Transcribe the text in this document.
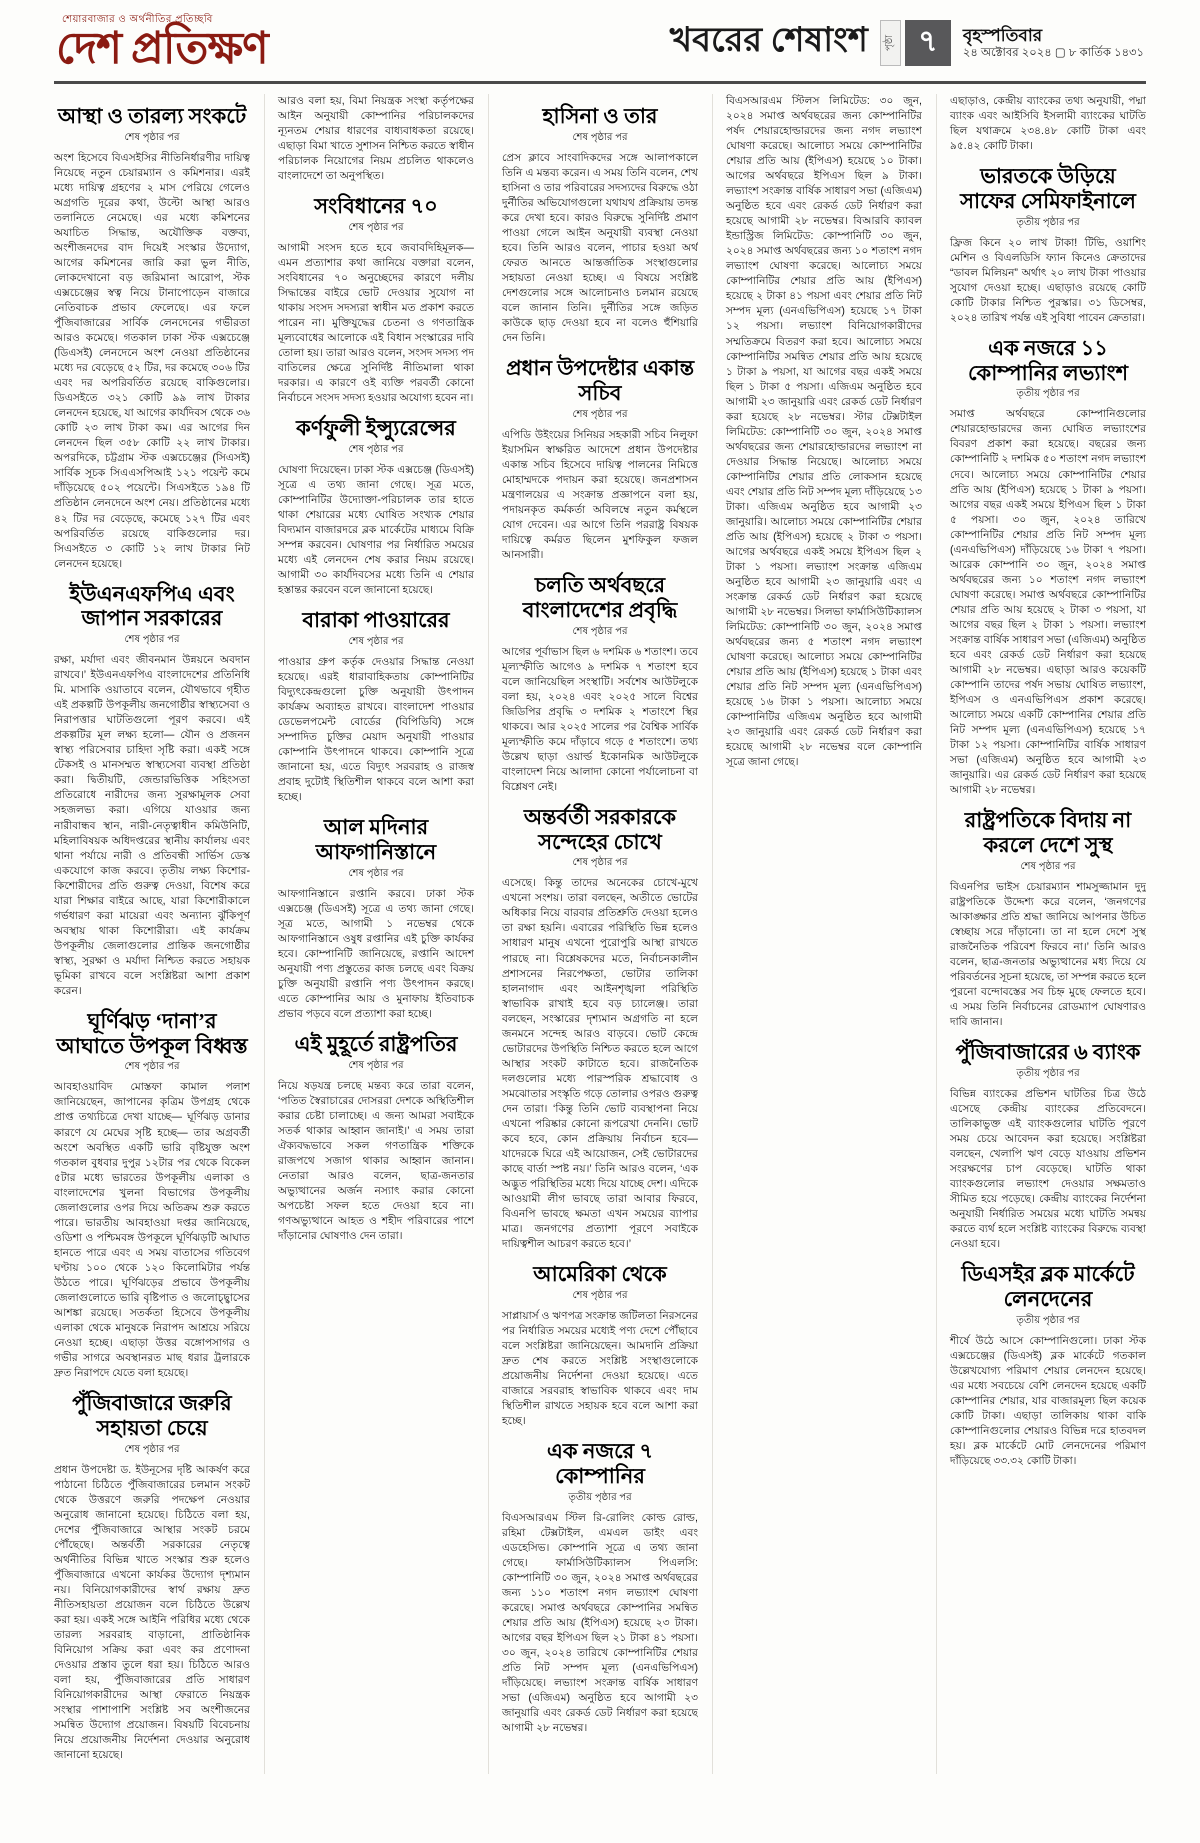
শেয়ারবাজার ও অর্থনীতির প্রতিচ্ছবি
দেশ প্রতিক্ষণ	খবরের শেষাংশ	পৃষ্ঠা ৭	বৃহস্পতিবার
২৪ অক্টোবর ২০২৪ ▢ ৮ কার্তিক ১৪৩১
আস্থা ও তারল্য সংকটে
শেষ পৃষ্ঠার পর
অংশ হিসেবে বিএসইসির নীতিনির্ধারণীর দায়িত্ব নিয়েছে নতুন চেয়ারম্যান ও কমিশনার। এরই মধ্যে দায়িত্ব গ্রহণের ২ মাস পেরিয়ে গেলেও অগ্রগতি দূরের কথা, উল্টো আস্থা আরও তলানিতে নেমেছে। এর মধ্যে কমিশনের অযাচিত সিদ্ধান্ত, অযৌক্তিক বক্তব্য, অংশীজনদের বাদ দিয়েই সংস্কার উদ্যোগ, আগের কমিশনের জারি করা ভুল নীতি, লোকদেখানো বড় জরিমানা আরোপ, স্টক এক্সচেঞ্জের স্বত্ব নিয়ে টানাপোড়েন বাজারে নেতিবাচক প্রভাব ফেলেছে। এর ফলে পুঁজিবাজারের সার্বিক লেনদেনের গভীরতা আরও কমেছে। গতকাল ঢাকা স্টক এক্সচেঞ্জে (ডিএসই) লেনদেনে অংশ নেওয়া প্রতিষ্ঠানের মধ্যে দর বেড়েছে ৫২ টির, দর কমেছে ৩০৬ টির এবং দর অপরিবর্তিত রয়েছে বাকিগুলোর। ডিএসইতে ৩২১ কোটি ৯৯ লাখ টাকার লেনদেন হয়েছে, যা আগের কার্যদিবস থেকে ৩৬ কোটি ২৩ লাখ টাকা কম। এর আগের দিন লেনদেন ছিল ৩৫৮ কোটি ২২ লাখ টাকার। অপরদিকে, চট্টগ্রাম স্টক এক্সচেঞ্জের (সিএসই) সার্বিক সূচক সিএএসপিআই ১২১ পয়েন্ট কমে দাঁড়িয়েছে ৫০২ পয়েন্টে। সিএসইতে ১৯৪ টি প্রতিষ্ঠান লেনদেনে অংশ নেয়। প্রতিষ্ঠানের মধ্যে ৪২ টির দর বেড়েছে, কমেছে ১২৭ টির এবং অপরিবর্তিত রয়েছে বাকিগুলোর দর। সিএসইতে ৩ কোটি ১২ লাখ টাকার নিট লেনদেন হয়েছে।
ইউএনএফপিএ এবং জাপান সরকারের
শেষ পৃষ্ঠার পর
রক্ষা, মর্যাদা এবং জীবনমান উন্নয়নে অবদান রাখবে।’ ইউএনএফপিএ বাংলাদেশের প্রতিনিধি মি. মাসাকি ওয়াতাবে বলেন, যৌথভাবে গৃহীত এই প্রকল্পটি উপকূলীয় জনগোষ্ঠীর স্বাস্থ্যসেবা ও নিরাপত্তার ঘাটতিগুলো পূরণ করবে। এই প্রকল্পটির মূল লক্ষ্য হলো— যৌন ও প্রজনন স্বাস্থ্য পরিসেবার চাহিদা সৃষ্টি করা। একই সঙ্গে টেকসই ও মানসম্মত স্বাস্থ্যসেবা ব্যবস্থা প্রতিষ্ঠা করা। দ্বিতীয়টি, জেন্ডারভিত্তিক সহিংসতা প্রতিরোধে নারীদের জন্য সুরক্ষামূলক সেবা সহজলভ্য করা। এগিয়ে যাওয়ার জন্য নারীবান্ধব স্থান, নারী-নেতৃত্বাধীন কমিউনিটি, মহিলাবিষয়ক অধিদপ্তরের স্থানীয় কার্যালয় এবং থানা পর্যায়ে নারী ও প্রতিবন্ধী সার্ভিস ডেস্ক একযোগে কাজ করবে। তৃতীয় লক্ষ্য কিশোর-কিশোরীদের প্রতি গুরুত্ব দেওয়া, বিশেষ করে যারা শিক্ষার বাইরে আছে, যারা কিশোরীকালে গর্ভধারণ করা মায়েরা এবং অন্যান্য ঝুঁকিপূর্ণ অবস্থায় থাকা কিশোরীরা। এই কার্যক্রম উপকূলীয় জেলাগুলোর প্রান্তিক জনগোষ্ঠীর স্বাস্থ্য, সুরক্ষা ও মর্যাদা নিশ্চিত করতে সহায়ক ভূমিকা রাখবে বলে সংশ্লিষ্টরা আশা প্রকাশ করেন।
ঘূর্ণিঝড় ‘দানা’র আঘাতে উপকূল বিধ্বস্ত
শেষ পৃষ্ঠার পর
আবহাওয়াবিদ মোস্তফা কামাল পলাশ জানিয়েছেন, জাপানের কৃত্রিম উপগ্রহ থেকে প্রাপ্ত তথ্যচিত্রে দেখা যাচ্ছে— ঘূর্ণিঝড় ডানার কারণে যে মেঘের সৃষ্টি হচ্ছে— তার অগ্রবর্তী অংশে অবস্থিত একটি ভারি বৃষ্টিযুক্ত অংশ গতকাল বুধবার দুপুর ১২টার পর থেকে বিকেল ৫টার মধ্যে ভারতের উপকূলীয় এলাকা ও বাংলাদেশের খুলনা বিভাগের উপকূলীয় জেলাগুলোর ওপর দিয়ে অতিক্রম শুরু করতে পারে। ভারতীয় আবহাওয়া দপ্তর জানিয়েছে, ওডিশা ও পশ্চিমবঙ্গ উপকূলে ঘূর্ণিঝড়টি আঘাত হানতে পারে এবং এ সময় বাতাসের গতিবেগ ঘণ্টায় ১০০ থেকে ১২০ কিলোমিটার পর্যন্ত উঠতে পারে। ঘূর্ণিঝড়ের প্রভাবে উপকূলীয় জেলাগুলোতে ভারি বৃষ্টিপাত ও জলোচ্ছ্বাসের আশঙ্কা রয়েছে। সতর্কতা হিসেবে উপকূলীয় এলাকা থেকে মানুষকে নিরাপদ আশ্রয়ে সরিয়ে নেওয়া হচ্ছে। এছাড়া উত্তর বঙ্গোপসাগর ও গভীর সাগরে অবস্থানরত মাছ ধরার ট্রলারকে দ্রুত নিরাপদে যেতে বলা হয়েছে।
পুঁজিবাজারে জরুরি সহায়তা চেয়ে
শেষ পৃষ্ঠার পর
প্রধান উপদেষ্টা ড. ইউনূসের দৃষ্টি আকর্ষণ করে পাঠানো চিঠিতে পুঁজিবাজারের চলমান সংকট থেকে উত্তরণে জরুরি পদক্ষেপ নেওয়ার অনুরোধ জানানো হয়েছে। চিঠিতে বলা হয়, দেশের পুঁজিবাজারে আস্থার সংকট চরমে পৌঁছেছে। অন্তর্বর্তী সরকারের নেতৃত্বে অর্থনীতির বিভিন্ন খাতে সংস্কার শুরু হলেও পুঁজিবাজারে এখনো কার্যকর উদ্যোগ দৃশ্যমান নয়। বিনিয়োগকারীদের স্বার্থ রক্ষায় দ্রুত নীতিসহায়তা প্রয়োজন বলে চিঠিতে উল্লেখ করা হয়। একই সঙ্গে আইনি পরিধির মধ্যে থেকে তারল্য সরবরাহ বাড়ানো, প্রাতিষ্ঠানিক বিনিয়োগ সক্রিয় করা এবং কর প্রণোদনা দেওয়ার প্রস্তাব তুলে ধরা হয়। চিঠিতে আরও বলা হয়, পুঁজিবাজারের প্রতি সাধারণ বিনিয়োগকারীদের আস্থা ফেরাতে নিয়ন্ত্রক সংস্থার পাশাপাশি সংশ্লিষ্ট সব অংশীজনের সমন্বিত উদ্যোগ প্রয়োজন। বিষয়টি বিবেচনায় নিয়ে প্রয়োজনীয় নির্দেশনা দেওয়ার অনুরোধ জানানো হয়েছে।
আরও বলা হয়, বিমা নিয়ন্ত্রক সংস্থা কর্তৃপক্ষের আইন অনুযায়ী কোম্পানির পরিচালকদের ন্যূনতম শেয়ার ধারণের বাধ্যবাধকতা রয়েছে। এছাড়া বিমা খাতে সুশাসন নিশ্চিত করতে স্বাধীন পরিচালক নিয়োগের নিয়ম প্রচলিত থাকলেও বাংলাদেশে তা অনুপস্থিত।
সংবিধানের ৭০
শেষ পৃষ্ঠার পর
আগামী সংসদ হতে হবে জবাবদিহিমূলক— এমন প্রত্যাশার কথা জানিয়ে বক্তারা বলেন, সংবিধানের ৭০ অনুচ্ছেদের কারণে দলীয় সিদ্ধান্তের বাইরে ভোট দেওয়ার সুযোগ না থাকায় সংসদ সদস্যরা স্বাধীন মত প্রকাশ করতে পারেন না। মুক্তিযুদ্ধের চেতনা ও গণতান্ত্রিক মূল্যবোধের আলোকে এই বিধান সংস্কারের দাবি তোলা হয়। তারা আরও বলেন, সংসদ সদস্য পদ বাতিলের ক্ষেত্রে সুনির্দিষ্ট নীতিমালা থাকা দরকার। এ কারণে ওই ব্যক্তি পরবর্তী কোনো নির্বাচনে সংসদ সদস্য হওয়ার অযোগ্য হবেন না।
কর্ণফুলী ইন্স্যুরেন্সের
শেষ পৃষ্ঠার পর
ঘোষণা দিয়েছেন। ঢাকা স্টক এক্সচেঞ্জ (ডিএসই) সূত্রে এ তথ্য জানা গেছে। সূত্র মতে, কোম্পানিটির উদ্যোক্তা-পরিচালক তার হাতে থাকা শেয়ারের মধ্যে ঘোষিত সংখ্যক শেয়ার বিদ্যমান বাজারদরে ব্লক মার্কেটের মাধ্যমে বিক্রি সম্পন্ন করবেন। ঘোষণার পর নির্ধারিত সময়ের মধ্যে এই লেনদেন শেষ করার নিয়ম রয়েছে। আগামী ৩০ কার্যদিবসের মধ্যে তিনি এ শেয়ার হস্তান্তর করবেন বলে জানানো হয়েছে।
বারাকা পাওয়ারের
শেষ পৃষ্ঠার পর
পাওয়ার গ্রুপ কর্তৃক দেওয়ার সিদ্ধান্ত নেওয়া হয়েছে। এরই ধারাবাহিকতায় কোম্পানিটির বিদ্যুৎকেন্দ্রগুলো চুক্তি অনুযায়ী উৎপাদন কার্যক্রম অব্যাহত রাখবে। বাংলাদেশ পাওয়ার ডেভেলপমেন্ট বোর্ডের (বিপিডিবি) সঙ্গে সম্পাদিত চুক্তির মেয়াদ অনুযায়ী পাওয়ার কোম্পানি উৎপাদনে থাকবে। কোম্পানি সূত্রে জানানো হয়, এতে বিদ্যুৎ সরবরাহ ও রাজস্ব প্রবাহ দুটোই স্থিতিশীল থাকবে বলে আশা করা হচ্ছে।
আল মদিনার আফগানিস্তানে
শেষ পৃষ্ঠার পর
আফগানিস্তানে রপ্তানি করবে। ঢাকা স্টক এক্সচেঞ্জ (ডিএসই) সূত্রে এ তথ্য জানা গেছে। সূত্র মতে, আগামী ১ নভেম্বর থেকে আফগানিস্তানে ওষুধ রপ্তানির এই চুক্তি কার্যকর হবে। কোম্পানিটি জানিয়েছে, রপ্তানি আদেশ অনুযায়ী পণ্য প্রস্তুতের কাজ চলছে এবং বিক্রয় চুক্তি অনুযায়ী রপ্তানি পণ্য উৎপাদন করছে। এতে কোম্পানির আয় ও মুনাফায় ইতিবাচক প্রভাব পড়বে বলে প্রত্যাশা করা হচ্ছে।
এই মুহূর্তে রাষ্ট্রপতির
শেষ পৃষ্ঠার পর
নিয়ে ষড়যন্ত্র চলছে মন্তব্য করে তারা বলেন, ‘পতিত স্বৈরাচারের দোসররা দেশকে অস্থিতিশীল করার চেষ্টা চালাচ্ছে। এ জন্য আমরা সবাইকে সতর্ক থাকার আহ্বান জানাই।’ এ সময় তারা ঐক্যবদ্ধভাবে সকল গণতান্ত্রিক শক্তিকে রাজপথে সজাগ থাকার আহ্বান জানান। নেতারা আরও বলেন, ছাত্র-জনতার অভ্যুত্থানের অর্জন নস্যাৎ করার কোনো অপচেষ্টা সফল হতে দেওয়া হবে না। গণঅভ্যুত্থানে আহত ও শহীদ পরিবারের পাশে দাঁড়ানোর ঘোষণাও দেন তারা।
হাসিনা ও তার
শেষ পৃষ্ঠার পর
প্রেস ক্লাবে সাংবাদিকদের সঙ্গে আলাপকালে তিনি এ মন্তব্য করেন। এ সময় তিনি বলেন, শেখ হাসিনা ও তার পরিবারের সদস্যদের বিরুদ্ধে ওঠা দুর্নীতির অভিযোগগুলো যথাযথ প্রক্রিয়ায় তদন্ত করে দেখা হবে। কারও বিরুদ্ধে সুনির্দিষ্ট প্রমাণ পাওয়া গেলে আইন অনুযায়ী ব্যবস্থা নেওয়া হবে। তিনি আরও বলেন, পাচার হওয়া অর্থ ফেরত আনতে আন্তর্জাতিক সংস্থাগুলোর সহায়তা নেওয়া হচ্ছে। এ বিষয়ে সংশ্লিষ্ট দেশগুলোর সঙ্গে আলোচনাও চলমান রয়েছে বলে জানান তিনি। দুর্নীতির সঙ্গে জড়িত কাউকে ছাড় দেওয়া হবে না বলেও হুঁশিয়ারি দেন তিনি।
প্রধান উপদেষ্টার একান্ত সচিব
শেষ পৃষ্ঠার পর
এপিডি উইংয়ের সিনিয়র সহকারী সচিব নিলুফা ইয়াসমিন স্বাক্ষরিত আদেশে প্রধান উপদেষ্টার একান্ত সচিব হিসেবে দায়িত্ব পালনের নিমিত্তে মোহাম্মদকে পদায়ন করা হয়েছে। জনপ্রশাসন মন্ত্রণালয়ের এ সংক্রান্ত প্রজ্ঞাপনে বলা হয়, পদায়নকৃত কর্মকর্তা অবিলম্বে নতুন কর্মস্থলে যোগ দেবেন। এর আগে তিনি পররাষ্ট্র বিষয়ক দায়িত্বে কর্মরত ছিলেন মুশফিকুল ফজল আনসারী।
চলতি অর্থবছরে বাংলাদেশের প্রবৃদ্ধি
শেষ পৃষ্ঠার পর
আগের পূর্বাভাস ছিল ৬ দশমিক ৬ শতাংশ। তবে মূল্যস্ফীতি আগেও ৯ দশমিক ৭ শতাংশ হবে বলে জানিয়েছিল সংস্থাটি। সর্বশেষ আউটলুকে বলা হয়, ২০২৪ এবং ২০২৫ সালে বিশ্বের জিডিপির প্রবৃদ্ধি ৩ দশমিক ২ শতাংশে স্থির থাকবে। আর ২০২৫ সালের পর বৈশ্বিক সার্বিক মূল্যস্ফীতি কমে দাঁড়াবে গড়ে ৫ শতাংশে। তথ্য উল্লেখ ছাড়া ওয়ার্ল্ড ইকোনমিক আউটলুকে বাংলাদেশ নিয়ে আলাদা কোনো পর্যালোচনা বা বিশ্লেষণ নেই।
অন্তর্বর্তী সরকারকে সন্দেহের চোখে
শেষ পৃষ্ঠার পর
এসেছে। কিন্তু তাদের অনেকের চোখে-মুখে এখনো সংশয়। তারা বলছেন, অতীতে ভোটের অধিকার নিয়ে বারবার প্রতিশ্রুতি দেওয়া হলেও তা রক্ষা হয়নি। এবারের পরিস্থিতি ভিন্ন হলেও সাধারণ মানুষ এখনো পুরোপুরি আস্থা রাখতে পারছে না। বিশ্লেষকদের মতে, নির্বাচনকালীন প্রশাসনের নিরপেক্ষতা, ভোটার তালিকা হালনাগাদ এবং আইনশৃঙ্খলা পরিস্থিতি স্বাভাবিক রাখাই হবে বড় চ্যালেঞ্জ। তারা বলছেন, সংস্কারের দৃশ্যমান অগ্রগতি না হলে জনমনে সন্দেহ আরও বাড়বে। ভোট কেন্দ্রে ভোটারদের উপস্থিতি নিশ্চিত করতে হলে আগে আস্থার সংকট কাটাতে হবে। রাজনৈতিক দলগুলোর মধ্যে পারস্পরিক শ্রদ্ধাবোধ ও সমঝোতার সংস্কৃতি গড়ে তোলার ওপরও গুরুত্ব দেন তারা। ‘কিন্তু তিনি ভোট ব্যবস্থাপনা নিয়ে এখনো পরিষ্কার কোনো রূপরেখা দেননি। ভোট কবে হবে, কোন প্রক্রিয়ায় নির্বাচন হবে— যাদেরকে ঘিরে এই আয়োজন, সেই ভোটারদের কাছে বার্তা স্পষ্ট নয়।’ তিনি আরও বলেন, ‘এক অদ্ভুত পরিস্থিতির মধ্যে দিয়ে যাচ্ছে দেশ। এদিকে আওয়ামী লীগ ভাবছে তারা আবার ফিরবে, বিএনপি ভাবছে ক্ষমতা এখন সময়ের ব্যাপার মাত্র। জনগণের প্রত্যাশা পূরণে সবাইকে দায়িত্বশীল আচরণ করতে হবে।’
আমেরিকা থেকে
শেষ পৃষ্ঠার পর
সাপ্লায়ার্স ও ঋণপত্র সংক্রান্ত জটিলতা নিরসনের পর নির্ধারিত সময়ের মধ্যেই পণ্য দেশে পৌঁছাবে বলে সংশ্লিষ্টরা জানিয়েছেন। আমদানি প্রক্রিয়া দ্রুত শেষ করতে সংশ্লিষ্ট সংস্থাগুলোকে প্রয়োজনীয় নির্দেশনা দেওয়া হয়েছে। এতে বাজারে সরবরাহ স্বাভাবিক থাকবে এবং দাম স্থিতিশীল রাখতে সহায়ক হবে বলে আশা করা হচ্ছে।
এক নজরে ৭ কোম্পানির
তৃতীয় পৃষ্ঠার পর
বিএসআরএম স্টিল রি-রোলিং কোল্ড রোল্ড, রহিমা টেক্সটাইল, এমএল ডাইং এবং এডহেসিভ। কোম্পানি সূত্রে এ তথ্য জানা গেছে। ফার্মাসিউটিক্যালস পিএলসি: কোম্পানিটি ৩০ জুন, ২০২৪ সমাপ্ত অর্থবছরের জন্য ১১০ শতাংশ নগদ লভ্যাংশ ঘোষণা করেছে। সমাপ্ত অর্থবছরে কোম্পানির সমন্বিত শেয়ার প্রতি আয় (ইপিএস) হয়েছে ২৩ টাকা। আগের বছর ইপিএস ছিল ২১ টাকা ৪১ পয়সা। ৩০ জুন, ২০২৪ তারিখে কোম্পানিটির শেয়ার প্রতি নিট সম্পদ মূল্য (এনএভিপিএস) দাঁড়িয়েছে। লভ্যাংশ সংক্রান্ত বার্ষিক সাধারণ সভা (এজিএম) অনুষ্ঠিত হবে আগামী ২৩ জানুয়ারি এবং রেকর্ড ডেট নির্ধারণ করা হয়েছে আগামী ২৮ নভেম্বর।
বিএসআরএম স্টিলস লিমিটেড: ৩০ জুন, ২০২৪ সমাপ্ত অর্থবছরের জন্য কোম্পানিটির পর্ষদ শেয়ারহোল্ডারদের জন্য নগদ লভ্যাংশ ঘোষণা করেছে। আলোচ্য সময়ে কোম্পানিটির শেয়ার প্রতি আয় (ইপিএস) হয়েছে ১০ টাকা। আগের অর্থবছরে ইপিএস ছিল ৯ টাকা। লভ্যাংশ সংক্রান্ত বার্ষিক সাধারণ সভা (এজিএম) অনুষ্ঠিত হবে এবং রেকর্ড ডেট নির্ধারণ করা হয়েছে আগামী ২৮ নভেম্বর। বিআরবি ক্যাবল ইন্ডাস্ট্রিজ লিমিটেড: কোম্পানিটি ৩০ জুন, ২০২৪ সমাপ্ত অর্থবছরের জন্য ১০ শতাংশ নগদ লভ্যাংশ ঘোষণা করেছে। আলোচ্য সময়ে কোম্পানিটির শেয়ার প্রতি আয় (ইপিএস) হয়েছে ২ টাকা ৪১ পয়সা এবং শেয়ার প্রতি নিট সম্পদ মূল্য (এনএভিপিএস) হয়েছে ১৭ টাকা ১২ পয়সা। লভ্যাংশ বিনিয়োগকারীদের সম্মতিক্রমে বিতরণ করা হবে। আলোচ্য সময়ে কোম্পানিটির সমন্বিত শেয়ার প্রতি আয় হয়েছে ১ টাকা ৯ পয়সা, যা আগের বছর একই সময়ে ছিল ১ টাকা ৫ পয়সা। এজিএম অনুষ্ঠিত হবে আগামী ২৩ জানুয়ারি এবং রেকর্ড ডেট নির্ধারণ করা হয়েছে ২৮ নভেম্বর। স্টার টেক্সটাইল লিমিটেড: কোম্পানিটি ৩০ জুন, ২০২৪ সমাপ্ত অর্থবছরের জন্য শেয়ারহোল্ডারদের লভ্যাংশ না দেওয়ার সিদ্ধান্ত নিয়েছে। আলোচ্য সময়ে কোম্পানিটির শেয়ার প্রতি লোকসান হয়েছে এবং শেয়ার প্রতি নিট সম্পদ মূল্য দাঁড়িয়েছে ১৩ টাকা। এজিএম অনুষ্ঠিত হবে আগামী ২৩ জানুয়ারি। আলোচ্য সময়ে কোম্পানিটির শেয়ার প্রতি আয় (ইপিএস) হয়েছে ২ টাকা ৩ পয়সা। আগের অর্থবছরে একই সময়ে ইপিএস ছিল ২ টাকা ১ পয়সা। লভ্যাংশ সংক্রান্ত এজিএম অনুষ্ঠিত হবে আগামী ২৩ জানুয়ারি এবং এ সংক্রান্ত রেকর্ড ডেট নির্ধারণ করা হয়েছে আগামী ২৮ নভেম্বর। সিলভা ফার্মাসিউটিক্যালস লিমিটেড: কোম্পানিটি ৩০ জুন, ২০২৪ সমাপ্ত অর্থবছরের জন্য ৫ শতাংশ নগদ লভ্যাংশ ঘোষণা করেছে। আলোচ্য সময়ে কোম্পানিটির শেয়ার প্রতি আয় (ইপিএস) হয়েছে ১ টাকা এবং শেয়ার প্রতি নিট সম্পদ মূল্য (এনএভিপিএস) হয়েছে ১৬ টাকা ১ পয়সা। আলোচ্য সময়ে কোম্পানিটির এজিএম অনুষ্ঠিত হবে আগামী ২৩ জানুয়ারি এবং রেকর্ড ডেট নির্ধারণ করা হয়েছে আগামী ২৮ নভেম্বর বলে কোম্পানি সূত্রে জানা গেছে।
এছাড়াও, কেন্দ্রীয় ব্যাংকের তথ্য অনুযায়ী, পদ্মা ব্যাংক এবং আইসিবি ইসলামী ব্যাংকের ঘাটতি ছিল যথাক্রমে ২৩৪.৪৮ কোটি টাকা এবং ৯৫.৪২ কোটি টাকা।
ভারতকে উড়িয়ে সাফের সেমিফাইনালে
তৃতীয় পৃষ্ঠার পর
ফ্রিজ কিনে ২০ লাখ টাকা! টিভি, ওয়াশিং মেশিন ও বিএলডিসি ফ্যান কিনেও ক্রেতাদের “ডাবল মিলিয়ন” অর্থাৎ ২০ লাখ টাকা পাওয়ার সুযোগ দেওয়া হচ্ছে। এছাড়াও রয়েছে কোটি কোটি টাকার নিশ্চিত পুরস্কার। ৩১ ডিসেম্বর, ২০২৪ তারিখ পর্যন্ত এই সুবিধা পাবেন ক্রেতারা।
এক নজরে ১১ কোম্পানির লভ্যাংশ
তৃতীয় পৃষ্ঠার পর
সমাপ্ত অর্থবছরে কোম্পানিগুলোর শেয়ারহোল্ডারদের জন্য ঘোষিত লভ্যাংশের বিবরণ প্রকাশ করা হয়েছে। বছরের জন্য কোম্পানিটি ২ দশমিক ৫০ শতাংশ নগদ লভ্যাংশ দেবে। আলোচ্য সময়ে কোম্পানিটির শেয়ার প্রতি আয় (ইপিএস) হয়েছে ১ টাকা ৯ পয়সা। আগের বছর একই সময়ে ইপিএস ছিল ১ টাকা ৫ পয়সা। ৩০ জুন, ২০২৪ তারিখে কোম্পানিটির শেয়ার প্রতি নিট সম্পদ মূল্য (এনএভিপিএস) দাঁড়িয়েছে ১৬ টাকা ৭ পয়সা। আরেক কোম্পানি ৩০ জুন, ২০২৪ সমাপ্ত অর্থবছরের জন্য ১০ শতাংশ নগদ লভ্যাংশ ঘোষণা করেছে। সমাপ্ত অর্থবছরে কোম্পানিটির শেয়ার প্রতি আয় হয়েছে ২ টাকা ৩ পয়সা, যা আগের বছর ছিল ২ টাকা ১ পয়সা। লভ্যাংশ সংক্রান্ত বার্ষিক সাধারণ সভা (এজিএম) অনুষ্ঠিত হবে এবং রেকর্ড ডেট নির্ধারণ করা হয়েছে আগামী ২৮ নভেম্বর। এছাড়া আরও কয়েকটি কোম্পানি তাদের পর্ষদ সভায় ঘোষিত লভ্যাংশ, ইপিএস ও এনএভিপিএস প্রকাশ করেছে। আলোচ্য সময়ে একটি কোম্পানির শেয়ার প্রতি নিট সম্পদ মূল্য (এনএভিপিএস) হয়েছে ১৭ টাকা ১২ পয়সা। কোম্পানিটির বার্ষিক সাধারণ সভা (এজিএম) অনুষ্ঠিত হবে আগামী ২৩ জানুয়ারি। এর রেকর্ড ডেট নির্ধারণ করা হয়েছে আগামী ২৮ নভেম্বর।
রাষ্ট্রপতিকে বিদায় না করলে দেশে সুস্থ
শেষ পৃষ্ঠার পর
বিএনপির ভাইস চেয়ারম্যান শামসুজ্জামান দুদু রাষ্ট্রপতিকে উদ্দেশ্য করে বলেন, ‘জনগণের আকাঙ্ক্ষার প্রতি শ্রদ্ধা জানিয়ে আপনার উচিত স্বেচ্ছায় সরে দাঁড়ানো। তা না হলে দেশে সুস্থ রাজনৈতিক পরিবেশ ফিরবে না।’ তিনি আরও বলেন, ছাত্র-জনতার অভ্যুত্থানের মধ্য দিয়ে যে পরিবর্তনের সূচনা হয়েছে, তা সম্পন্ন করতে হলে পুরনো বন্দোবস্তের সব চিহ্ন মুছে ফেলতে হবে। এ সময় তিনি নির্বাচনের রোডম্যাপ ঘোষণারও দাবি জানান।
পুঁজিবাজারের ৬ ব্যাংক
তৃতীয় পৃষ্ঠার পর
বিভিন্ন ব্যাংকের প্রভিশন ঘাটতির চিত্র উঠে এসেছে কেন্দ্রীয় ব্যাংকের প্রতিবেদনে। তালিকাভুক্ত এই ব্যাংকগুলোর ঘাটতি পূরণে সময় চেয়ে আবেদন করা হয়েছে। সংশ্লিষ্টরা বলছেন, খেলাপি ঋণ বেড়ে যাওয়ায় প্রভিশন সংরক্ষণের চাপ বেড়েছে। ঘাটতি থাকা ব্যাংকগুলোর লভ্যাংশ দেওয়ার সক্ষমতাও সীমিত হয়ে পড়েছে। কেন্দ্রীয় ব্যাংকের নির্দেশনা অনুযায়ী নির্ধারিত সময়ের মধ্যে ঘাটতি সমন্বয় করতে ব্যর্থ হলে সংশ্লিষ্ট ব্যাংকের বিরুদ্ধে ব্যবস্থা নেওয়া হবে।
ডিএসইর ব্লক মার্কেটে লেনদেনের
তৃতীয় পৃষ্ঠার পর
শীর্ষে উঠে আসে কোম্পানিগুলো। ঢাকা স্টক এক্সচেঞ্জের (ডিএসই) ব্লক মার্কেটে গতকাল উল্লেখযোগ্য পরিমাণ শেয়ার লেনদেন হয়েছে। এর মধ্যে সবচেয়ে বেশি লেনদেন হয়েছে একটি কোম্পানির শেয়ার, যার বাজারমূল্য ছিল কয়েক কোটি টাকা। এছাড়া তালিকায় থাকা বাকি কোম্পানিগুলোর শেয়ারও বিভিন্ন দরে হাতবদল হয়। ব্লক মার্কেটে মোট লেনদেনের পরিমাণ দাঁড়িয়েছে ৩৩.৩২ কোটি টাকা।
